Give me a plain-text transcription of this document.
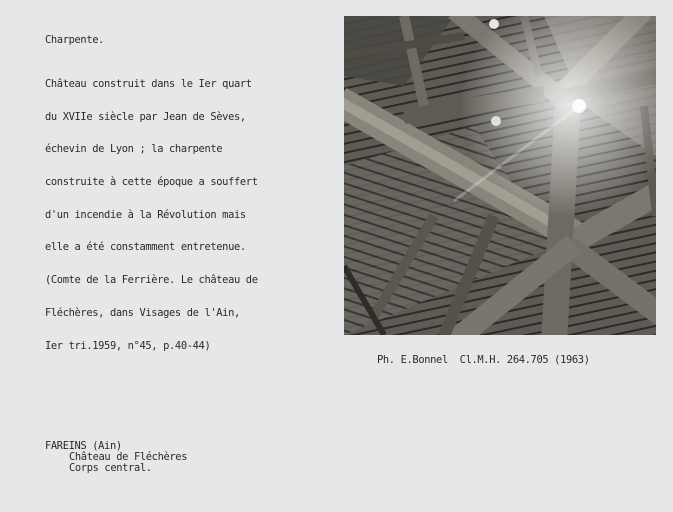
Charpente.

Château construit dans le Ier quart

du XVIIe siècle par Jean de Sèves,

échevin de Lyon ; la charpente

construite à cette époque a souffert

d'un incendie à la Révolution mais

elle a été constamment entretenue.

(Comte de la Ferrière. Le château de

Fléchères, dans Visages de l'Ain,

Ier tri.1959, n°45, p.40-44)

Ph. E.Bonnel  Cl.M.H. 264.705 (1963)
FAREINS (Ain)
Château de Fléchères
Corps central.
